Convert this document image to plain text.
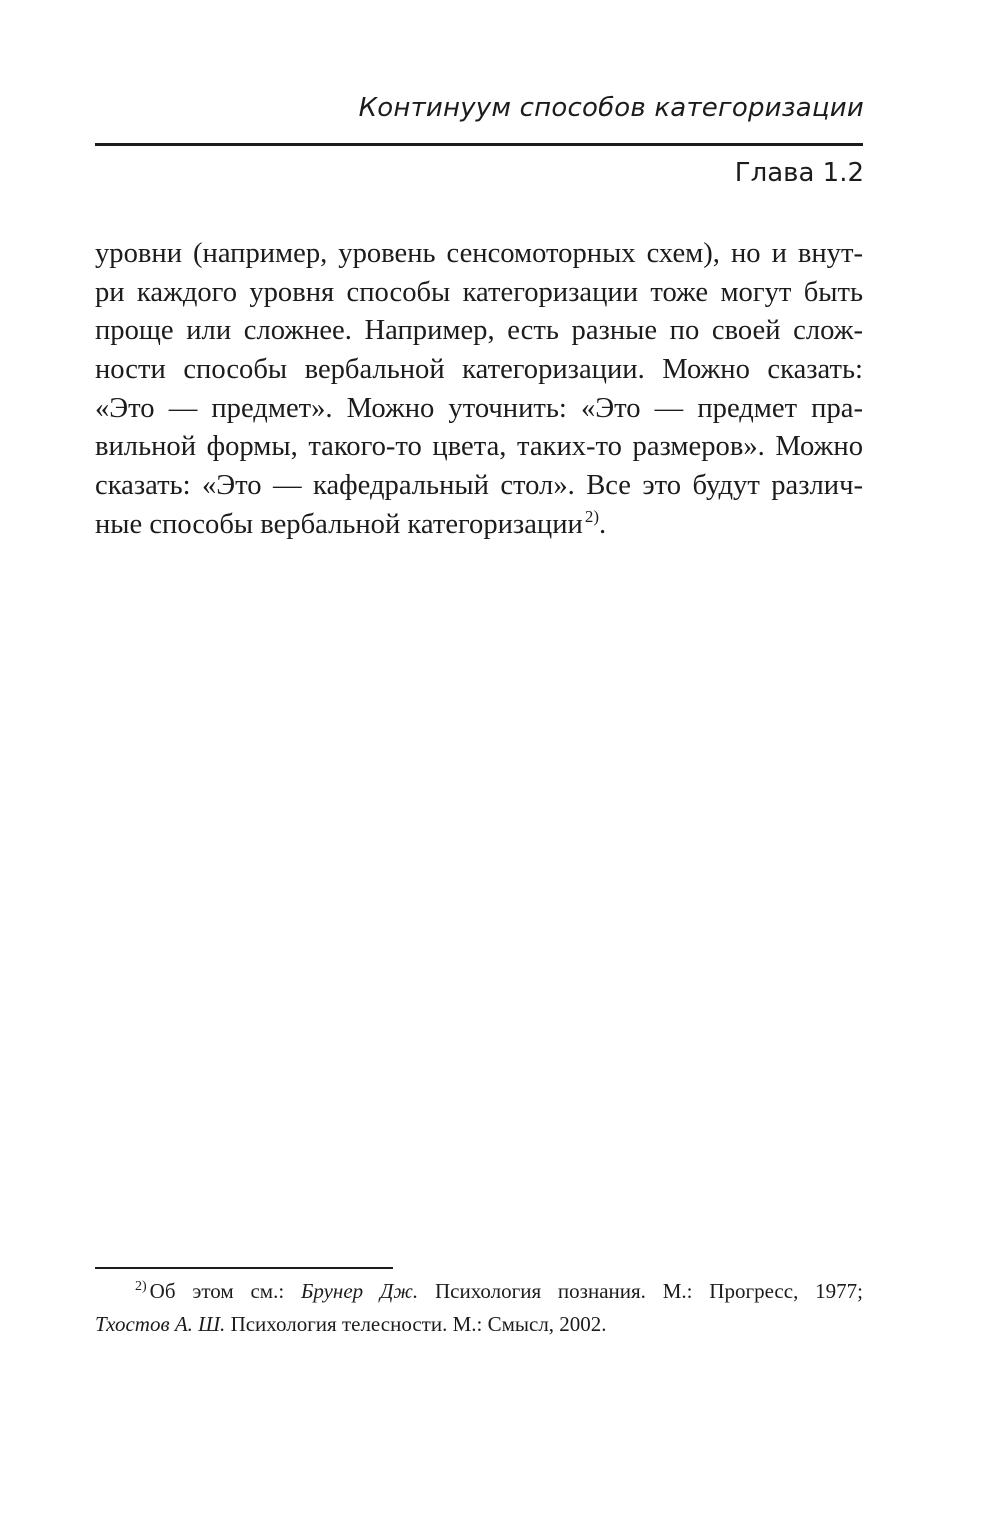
Континуум способов категоризации
Глава 1.2
уровни (например, уровень сенсомоторных схем), но и внут-
ри каждого уровня способы категоризации тоже могут быть
проще или сложнее. Например, есть разные по своей слож-
ности способы вербальной категоризации. Можно сказать:
«Это — предмет». Можно уточнить: «Это — предмет пра-
вильной формы, такого-то цвета, таких-то размеров». Можно
сказать: «Это — кафедральный стол». Все это будут различ-
ные способы вербальной категоризации $^{2)}$.
$^{2)}$ Об этом см.: Брунер Дж. Психология познания. М.: Прогресс, 1977;
Тхостов А. Ш. Психология телесности. М.: Смысл, 2002.
